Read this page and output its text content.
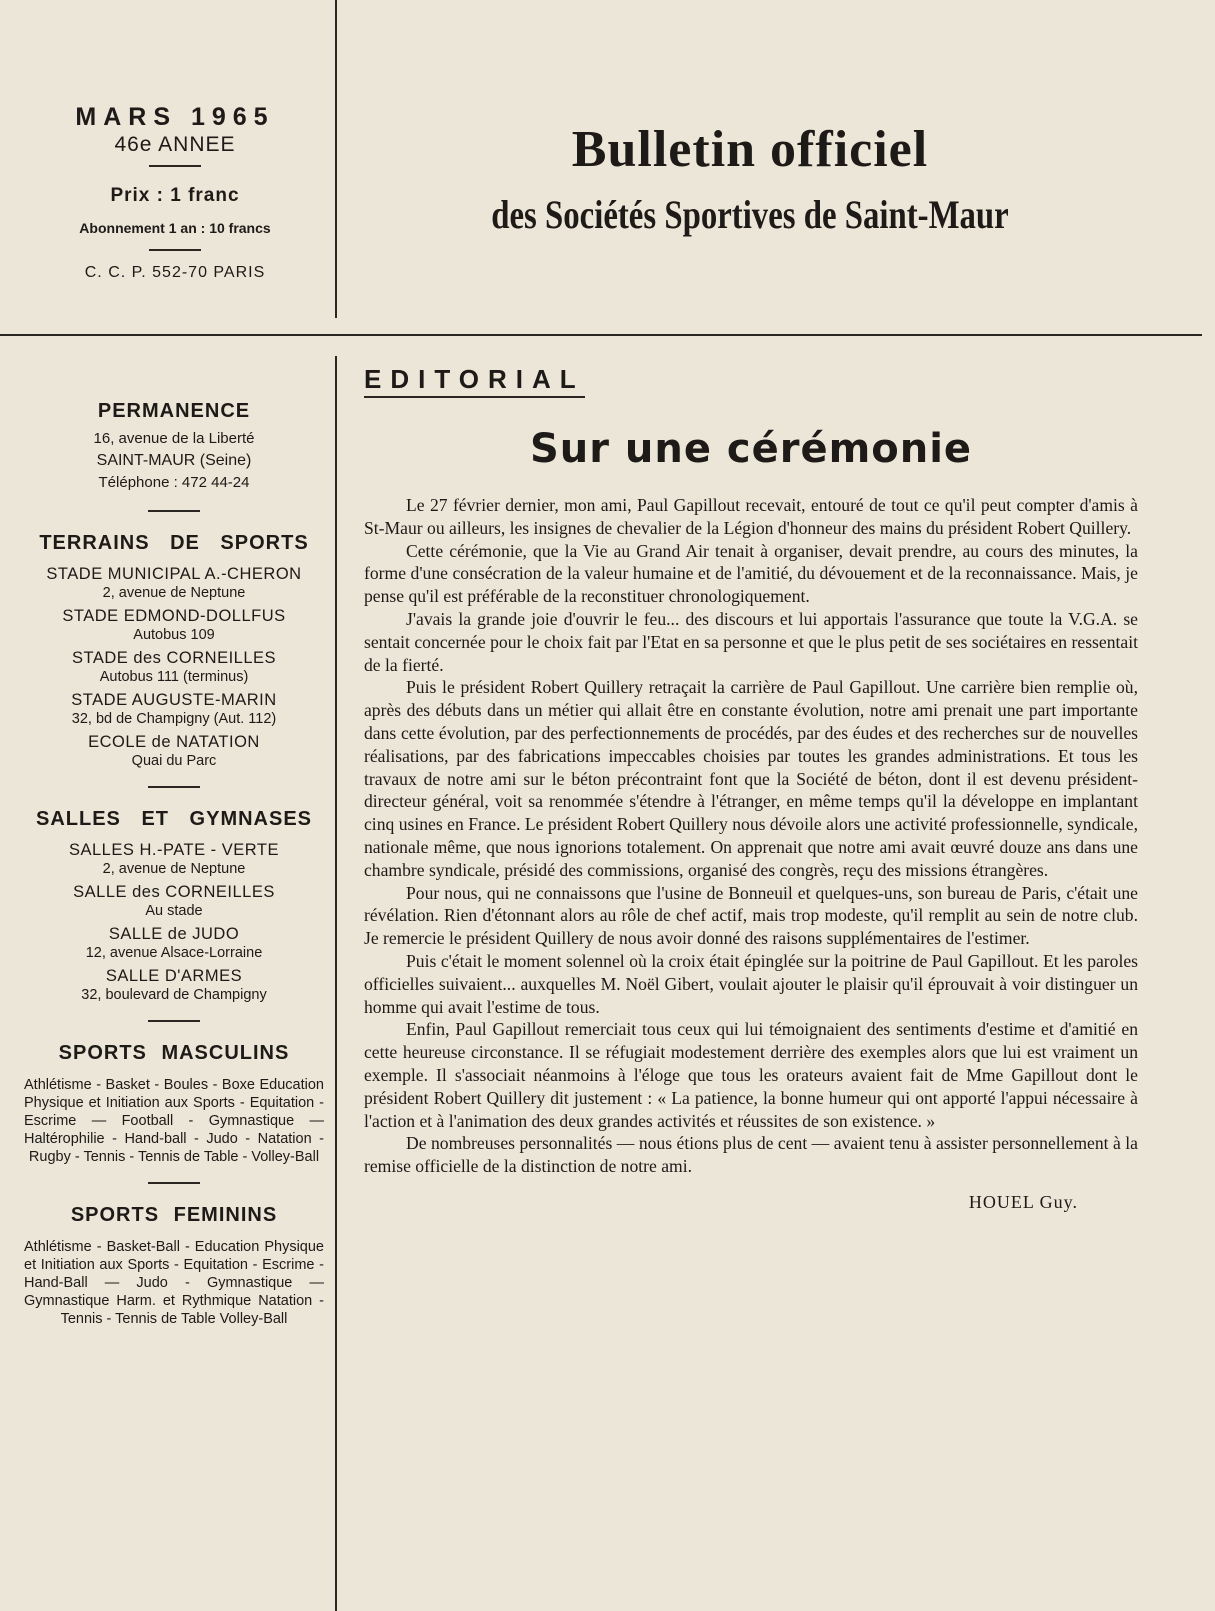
MARS 1965

46e ANNEE

Prix : 1 franc

Abonnement 1 an : 10 francs

C. C. P. 552-70 PARIS

Bulletin officiel
des Sociétés Sportives de Saint-Maur
PERMANENCE

16, avenue de la Liberté

SAINT-MAUR (Seine)

Téléphone : 472 44-24

TERRAINS DE SPORTS

STADE MUNICIPAL A.-CHERON

2, avenue de Neptune

STADE EDMOND-DOLLFUS

Autobus 109

STADE des CORNEILLES

Autobus 111 (terminus)

STADE AUGUSTE-MARIN

32, bd de Champigny (Aut. 112)

ECOLE de NATATION

Quai du Parc

SALLES ET GYMNASES

SALLES H.-PATE - VERTE

2, avenue de Neptune

SALLE des CORNEILLES

Au stade

SALLE de JUDO

12, avenue Alsace-Lorraine

SALLE D'ARMES

32, boulevard de Champigny

SPORTS MASCULINS

Athlétisme - Basket - Boules - Boxe Education Physique et Initiation aux Sports - Equitation - Escrime — Football - Gymnastique — Haltérophilie - Hand-ball - Judo - Natation - Rugby - Tennis - Tennis de Table - Volley-Ball

SPORTS FEMININS

Athlétisme - Basket-Ball - Education Physique et Initiation aux Sports - Equitation - Escrime - Hand-Ball — Judo - Gymnastique — Gymnastique Harm. et Rythmique Natation - Tennis - Tennis de Table Volley-Ball

EDITORIAL
Sur une cérémonie

Le 27 février dernier, mon ami, Paul Gapillout recevait, entouré de tout ce qu'il peut compter d'amis à St-Maur ou ailleurs, les insignes de chevalier de la Légion d'honneur des mains du président Robert Quillery.

Cette cérémonie, que la Vie au Grand Air tenait à organiser, devait prendre, au cours des minutes, la forme d'une consécration de la valeur humaine et de l'amitié, du dévouement et de la reconnaissance. Mais, je pense qu'il est préférable de la reconstituer chronologiquement.

J'avais la grande joie d'ouvrir le feu... des discours et lui apportais l'assurance que toute la V.G.A. se sentait concernée pour le choix fait par l'Etat en sa personne et que le plus petit de ses sociétaires en ressentait de la fierté.

Puis le président Robert Quillery retraçait la carrière de Paul Gapillout. Une carrière bien remplie où, après des débuts dans un métier qui allait être en constante évolution, notre ami prenait une part importante dans cette évolution, par des perfectionnements de procédés, par des éudes et des recherches sur de nouvelles réalisations, par des fabrications impeccables choisies par toutes les grandes administrations. Et tous les travaux de notre ami sur le béton précontraint font que la Société de béton, dont il est devenu président-directeur général, voit sa renommée s'étendre à l'étranger, en même temps qu'il la développe en implantant cinq usines en France. Le président Robert Quillery nous dévoile alors une activité professionnelle, syndicale, nationale même, que nous ignorions totalement. On apprenait que notre ami avait œuvré douze ans dans une chambre syndicale, présidé des commissions, organisé des congrès, reçu des missions étrangères.

Pour nous, qui ne connaissons que l'usine de Bonneuil et quelques-uns, son bureau de Paris, c'était une révélation. Rien d'étonnant alors au rôle de chef actif, mais trop modeste, qu'il remplit au sein de notre club. Je remercie le président Quillery de nous avoir donné des raisons supplémentaires de l'estimer.

Puis c'était le moment solennel où la croix était épinglée sur la poitrine de Paul Gapillout. Et les paroles officielles suivaient... auxquelles M. Noël Gibert, voulait ajouter le plaisir qu'il éprouvait à voir distinguer un homme qui avait l'estime de tous.

Enfin, Paul Gapillout remerciait tous ceux qui lui témoignaient des sentiments d'estime et d'amitié en cette heureuse circonstance. Il se réfugiait modestement derrière des exemples alors que lui est vraiment un exemple. Il s'associait néanmoins à l'éloge que tous les orateurs avaient fait de Mme Gapillout dont le président Robert Quillery dit justement : « La patience, la bonne humeur qui ont apporté l'appui nécessaire à l'action et à l'animation des deux grandes activités et réussites de son existence. »

De nombreuses personnalités — nous étions plus de cent — avaient tenu à assister personnellement à la remise officielle de la distinction de notre ami.

HOUEL Guy.
